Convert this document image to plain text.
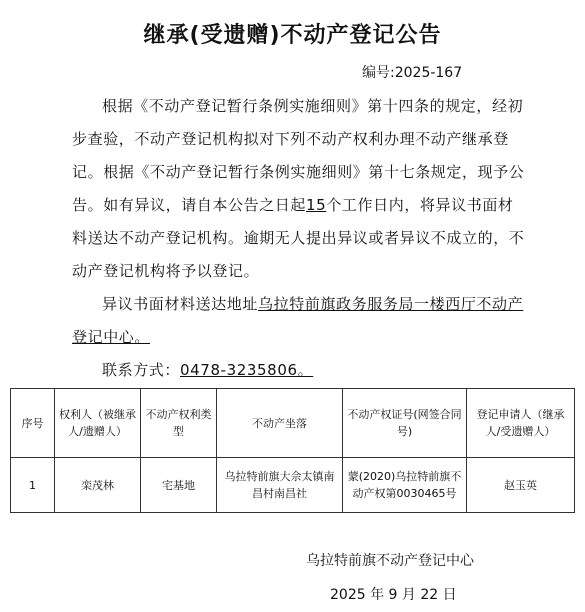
继承(受遗赠)不动产登记公告
编号:2025-167

根据《不动产登记暂行条例实施细则》第十四条的规定，经初步查验，不动产登记机构拟对下列不动产权利办理不动产继承登记。根据《不动产登记暂行条例实施细则》第十七条规定，现予公告。如有异议，请自本公告之日起15个工作日内，将异议书面材料送达不动产登记机构。逾期无人提出异议或者异议不成立的，不动产登记机构将予以登记。

异议书面材料送达地址乌拉特前旗政务服务局一楼西厅不动产登记中心。

联系方式：0478-3235806。

序号	权利人（被继承人/遗赠人）	不动产权利类型	不动产坐落	不动产权证号(网签合同号)	登记申请人（继承人/受遗赠人）
1	栾茂林	宅基地	乌拉特前旗大佘太镇南昌村南昌社	蒙(2020)乌拉特前旗不动产权第0030465号	赵玉英
乌拉特前旗不动产登记中心
2025 年 9 月 22 日
